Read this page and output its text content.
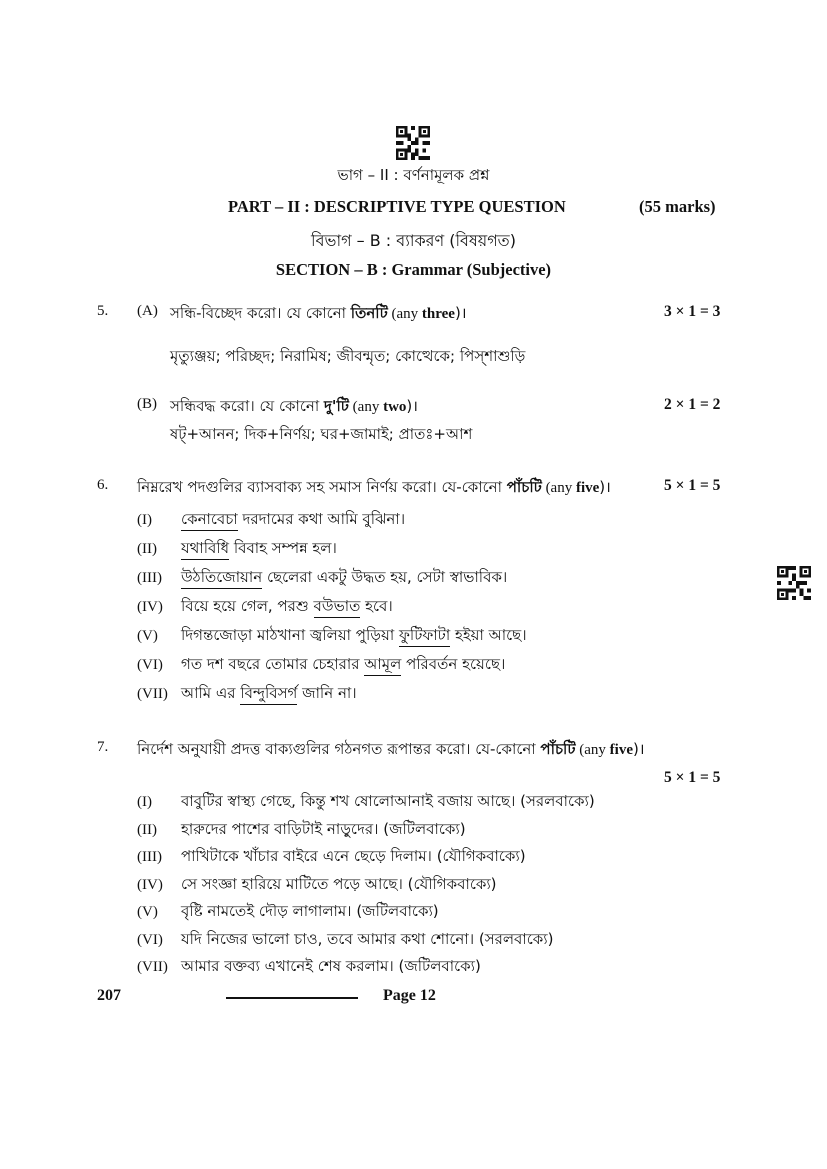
ভাগ – II : বর্ণনামূলক প্রশ্ন
PART – II : DESCRIPTIVE TYPE QUESTION	(55 marks)
বিভাগ – B : ব্যাকরণ (বিষয়গত)
SECTION – B : Grammar (Subjective)
5. (A) সন্ধি-বিচ্ছেদ করো। যে কোনো তিনটি (any three)।	3 × 1 = 3
মৃত্যুঞ্জয়; পরিচ্ছদ; নিরামিষ; জীবন্মৃত; কোত্থেকে; পিস্‌শাশুড়ি
(B) সন্ধিবদ্ধ করো। যে কোনো দু'টি (any two)।	2 × 1 = 2
ষট্+আনন; দিক+নির্ণয়; ঘর+জামাই; প্রাতঃ+আশ
6. নিম্নরেখ পদগুলির ব্যাসবাক্য সহ সমাস নির্ণয় করো। যে-কোনো পাঁচটি (any five)।	5 × 1 = 5
(I)	কেনাবেচা দরদামের কথা আমি বুঝিনা।
(II)	যথাবিধি বিবাহ সম্পন্ন হল।
(III)	উঠতিজোয়ান ছেলেরা একটু উদ্ধত হয়, সেটা স্বাভাবিক।
(IV)	বিয়ে হয়ে গেল, পরশু বউভাত হবে।
(V)	দিগন্তজোড়া মাঠখানা জ্বলিয়া পুড়িয়া ফুটিফাটা হইয়া আছে।
(VI)	গত দশ বছরে তোমার চেহারার আমূল পরিবর্তন হয়েছে।
(VII) আমি এর বিন্দুবিসর্গ জানি না।
7. নির্দেশ অনুযায়ী প্রদত্ত বাক্যগুলির গঠনগত রূপান্তর করো। যে-কোনো পাঁচটি (any five)।
5 × 1 = 5
(I)	বাবুটির স্বাস্থ্য গেছে, কিন্তু শখ ষোলোআনাই বজায় আছে। (সরলবাক্যে)
(II)	হারুদের পাশের বাড়িটাই নাড়ুদের। (জটিলবাক্যে)
(III)	পাখিটাকে খাঁচার বাইরে এনে ছেড়ে দিলাম। (যৌগিকবাক্যে)
(IV)	সে সংজ্ঞা হারিয়ে মাটিতে পড়ে আছে। (যৌগিকবাক্যে)
(V)	বৃষ্টি নামতেই দৌড় লাগালাম। (জটিলবাক্যে)
(VI)	যদি নিজের ভালো চাও, তবে আমার কথা শোনো। (সরলবাক্যে)
(VII) আমার বক্তব্য এখানেই শেষ করলাম। (জটিলবাক্যে)
207	Page 12
